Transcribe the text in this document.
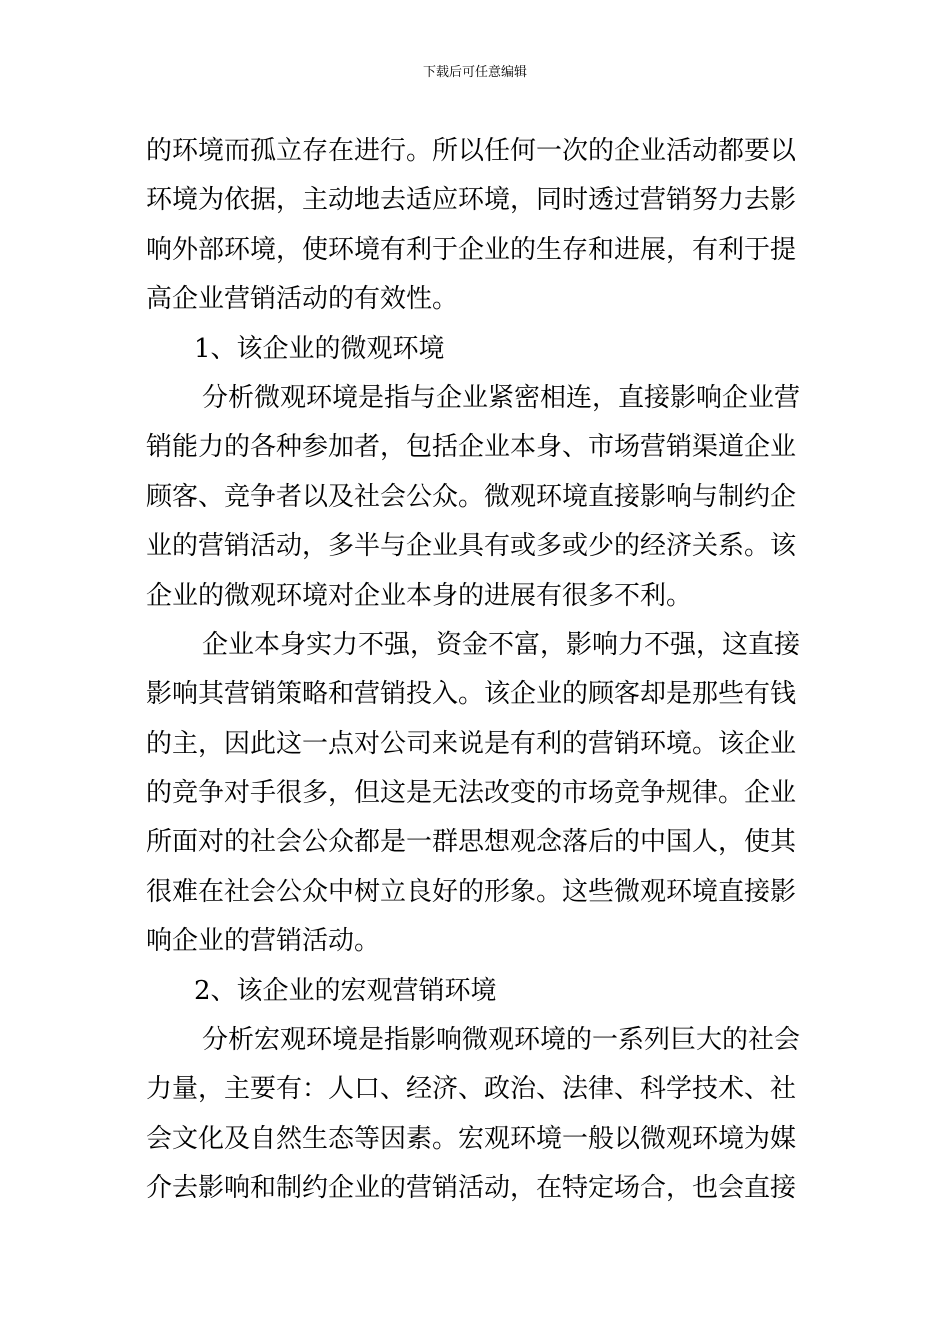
下载后可任意编辑
的环境而孤立存在进行。所以任何一次的企业活动都要以
环境为依据，主动地去适应环境，同时透过营销努力去影
响外部环境，使环境有利于企业的生存和进展，有利于提
高企业营销活动的有效性。
1、该企业的微观环境
分析微观环境是指与企业紧密相连，直接影响企业营
销能力的各种参加者，包括企业本身、市场营销渠道企业
顾客、竞争者以及社会公众。微观环境直接影响与制约企
业的营销活动，多半与企业具有或多或少的经济关系。该
企业的微观环境对企业本身的进展有很多不利。
企业本身实力不强，资金不富，影响力不强，这直接
影响其营销策略和营销投入。该企业的顾客却是那些有钱
的主，因此这一点对公司来说是有利的营销环境。该企业
的竞争对手很多，但这是无法改变的市场竞争规律。企业
所面对的社会公众都是一群思想观念落后的中国人，使其
很难在社会公众中树立良好的形象。这些微观环境直接影
响企业的营销活动。
2、该企业的宏观营销环境
分析宏观环境是指影响微观环境的一系列巨大的社会
力量，主要有：人口、经济、政治、法律、科学技术、社
会文化及自然生态等因素。宏观环境一般以微观环境为媒
介去影响和制约企业的营销活动，在特定场合，也会直接
